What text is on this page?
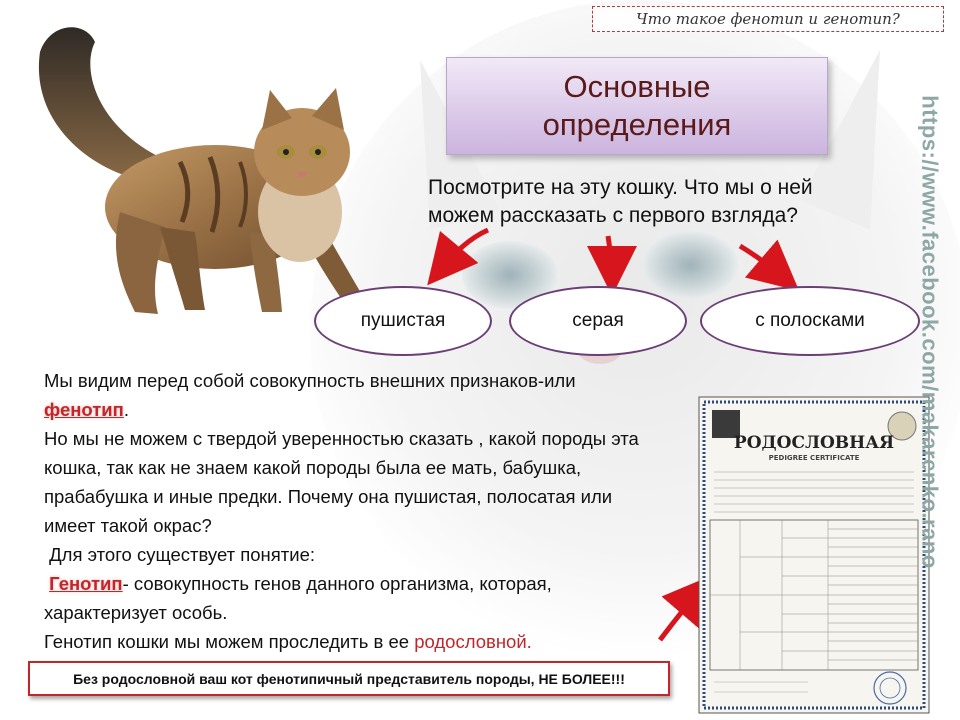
Что такое фенотип и генотип?
Основные
определения
Посмотрите на эту кошку. Что мы о ней
можем рассказать с первого взгляда?
пушистая	серая	с полосками

Мы видим перед собой совокупность внешних признаков-или фенотип.

Но мы не можем с твердой уверенностью сказать , какой породы эта кошка, так как не знаем какой породы была ее мать, бабушка, прабабушка и иные предки. Почему она пушистая, полосатая или имеет такой окрас?

Для этого существует понятие:

Генотип- совокупность генов данного организма, которая, характеризует особь.

Генотип кошки мы можем проследить в ее родословной.

РОДОСЛОВНАЯ
PEDIGREE CERTIFICATE
Без родословной ваш кот фенотипичный представитель породы, НЕ БОЛЕЕ!!!
https://www.facebook.com/makarenko.rano
